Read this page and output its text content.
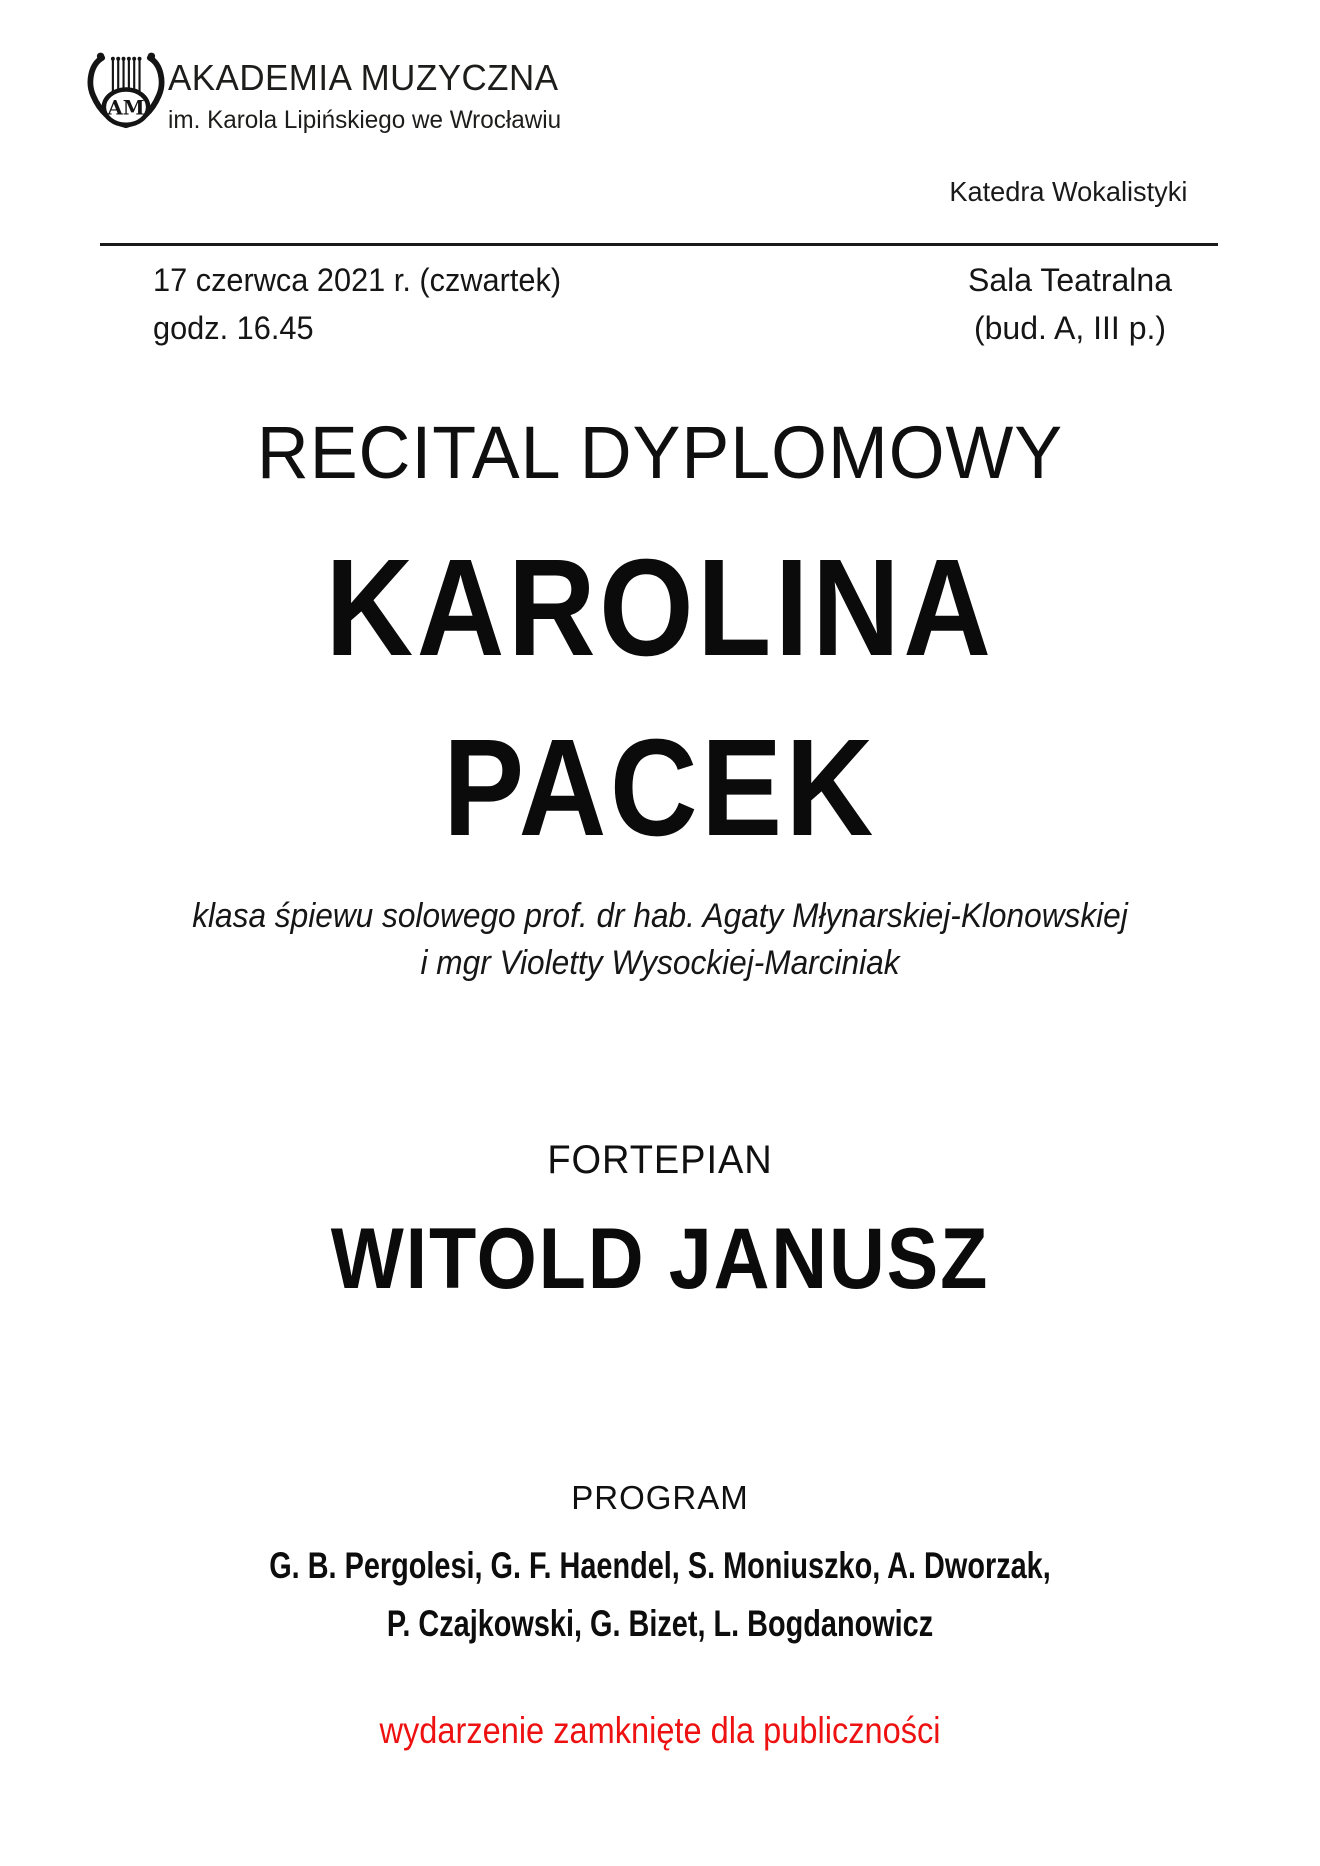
AM
AKADEMIA MUZYCZNA
im. Karola Lipińskiego we Wrocławiu
Katedra Wokalistyki
17 czerwca 2021 r. (czwartek)
godz. 16.45
Sala Teatralna
(bud. A, III p.)
RECITAL DYPLOMOWY
KAROLINA
PACEK
klasa śpiewu solowego prof. dr hab. Agaty Młynarskiej-Klonowskiej
i mgr Violetty Wysockiej-Marciniak
FORTEPIAN
WITOLD JANUSZ
PROGRAM
G. B. Pergolesi, G. F. Haendel, S. Moniuszko, A. Dworzak,
P. Czajkowski, G. Bizet, L. Bogdanowicz
wydarzenie zamknięte dla publiczności
